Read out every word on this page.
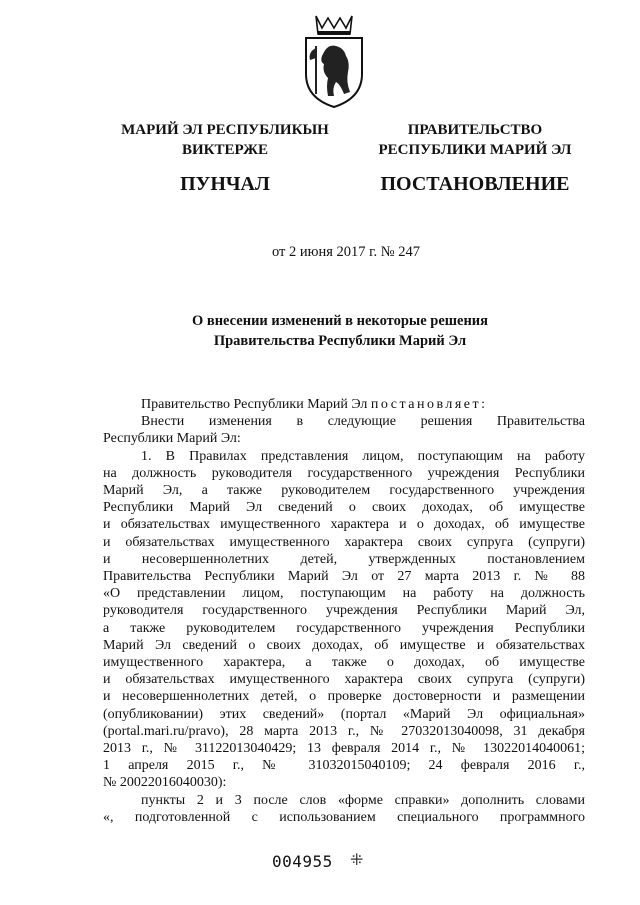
МАРИЙ ЭЛ РЕСПУБЛИКЫН
ВИКТЕРЖЕ
ПУНЧАЛ
ПРАВИТЕЛЬСТВО
РЕСПУБЛИКИ МАРИЙ ЭЛ
ПОСТАНОВЛЕНИЕ
от 2 июня 2017 г. № 247
О внесении изменений в некоторые решения
Правительства Республики Марий Эл
Правительство Республики Марий Эл постановляет:
Внести изменения в следующие решения Правительства
Республики Марий Эл:
1. В Правилах представления лицом, поступающим на работу
на должность руководителя государственного учреждения Республики
Марий Эл, а также руководителем государственного учреждения
Республики Марий Эл сведений о своих доходах, об имуществе
и обязательствах имущественного характера и о доходах, об имуществе
и обязательствах имущественного характера своих супруга (супруги)
и несовершеннолетних детей, утвержденных постановлением
Правительства Республики Марий Эл от 27 марта 2013 г. № 88
«О представлении лицом, поступающим на работу на должность
руководителя государственного учреждения Республики Марий Эл,
а также руководителем государственного учреждения Республики
Марий Эл сведений о своих доходах, об имуществе и обязательствах
имущественного характера, а также о доходах, об имуществе
и обязательствах имущественного характера своих супруга (супруги)
и несовершеннолетних детей, о проверке достоверности и размещении
(опубликовании) этих сведений» (портал «Марий Эл официальная»
(portal.mari.ru/pravo), 28 марта 2013 г., № 27032013040098, 31 декабря
2013 г., № 31122013040429; 13 февраля 2014 г., № 13022014040061;
1 апреля 2015 г., № 31032015040109; 24 февраля 2016 г.,
№ 20022016040030):
пункты 2 и 3 после слов «форме справки» дополнить словами
«, подготовленной с использованием специального программного
004955 ⁜
